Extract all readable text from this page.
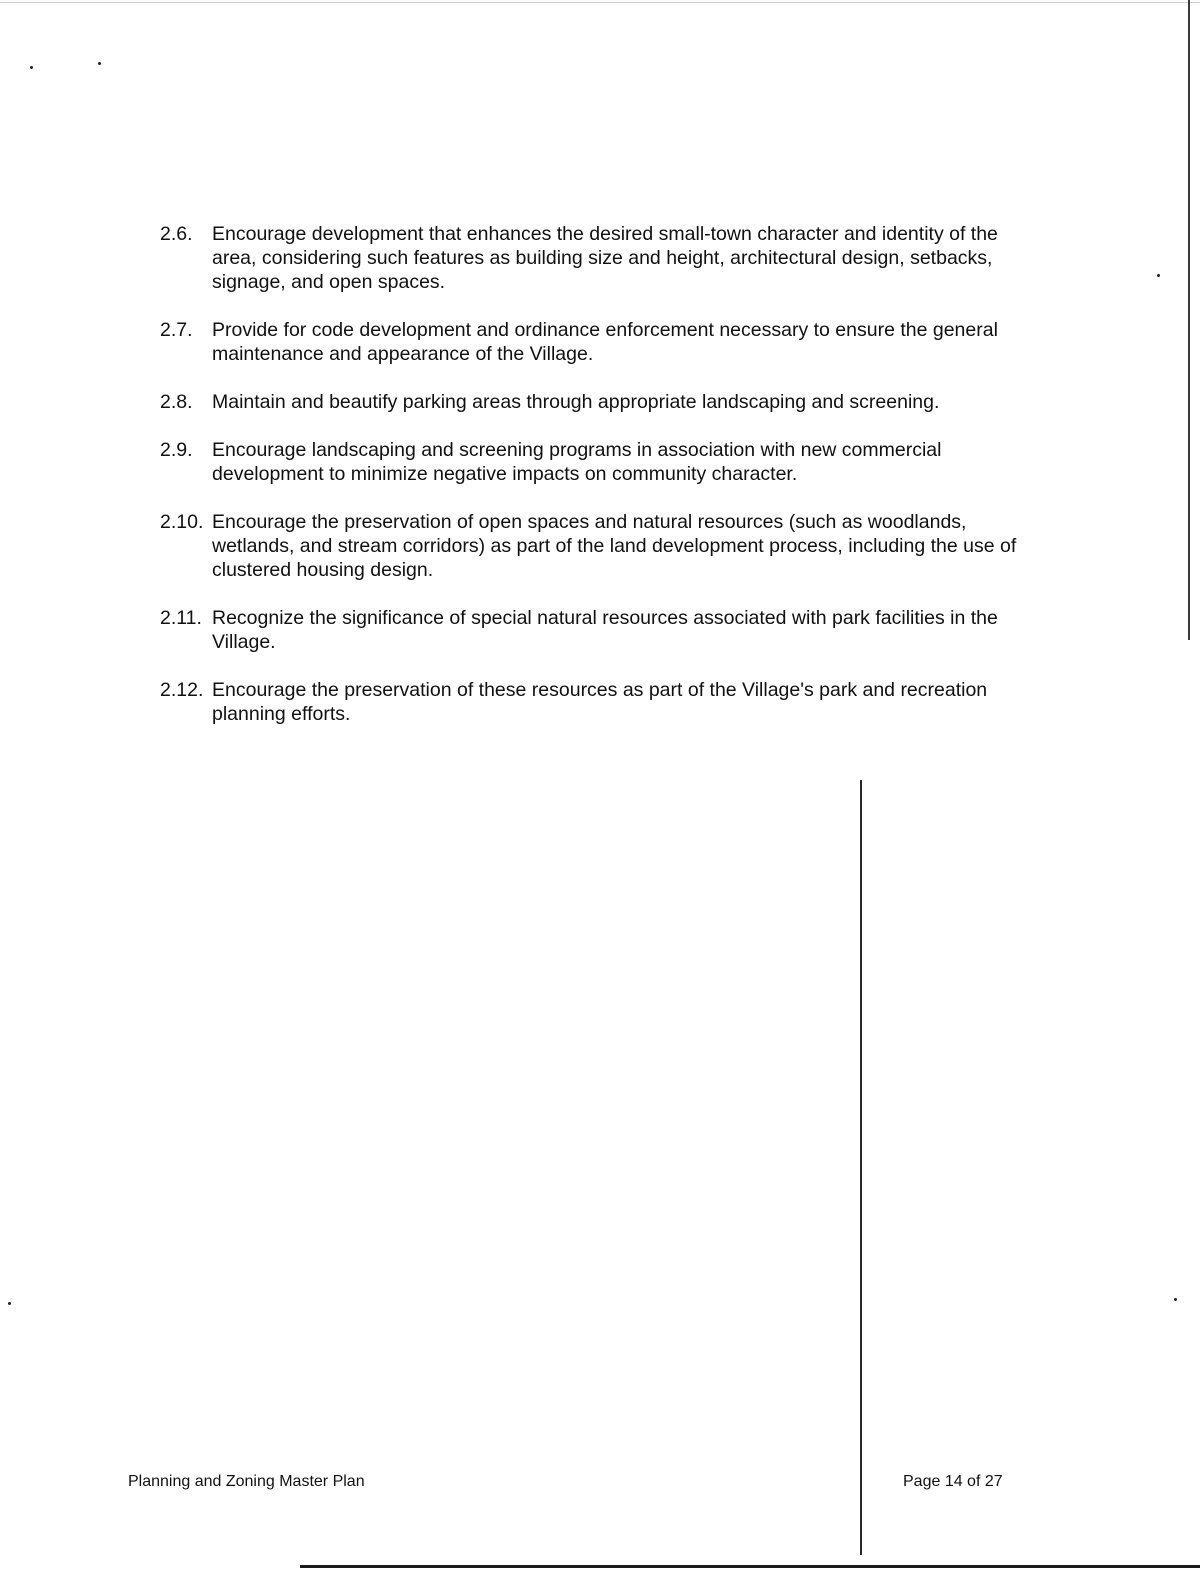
2.6. Encourage development that enhances the desired small-town character and identity of the area, considering such features as building size and height, architectural design, setbacks, signage, and open spaces.
2.7. Provide for code development and ordinance enforcement necessary to ensure the general maintenance and appearance of the Village.
2.8. Maintain and beautify parking areas through appropriate landscaping and screening.
2.9. Encourage landscaping and screening programs in association with new commercial development to minimize negative impacts on community character.
2.10. Encourage the preservation of open spaces and natural resources (such as woodlands, wetlands, and stream corridors) as part of the land development process, including the use of clustered housing design.
2.11. Recognize the significance of special natural resources associated with park facilities in the Village.
2.12. Encourage the preservation of these resources as part of the Village's park and recreation planning efforts.
Planning and Zoning Master Plan	Page 14 of 27
